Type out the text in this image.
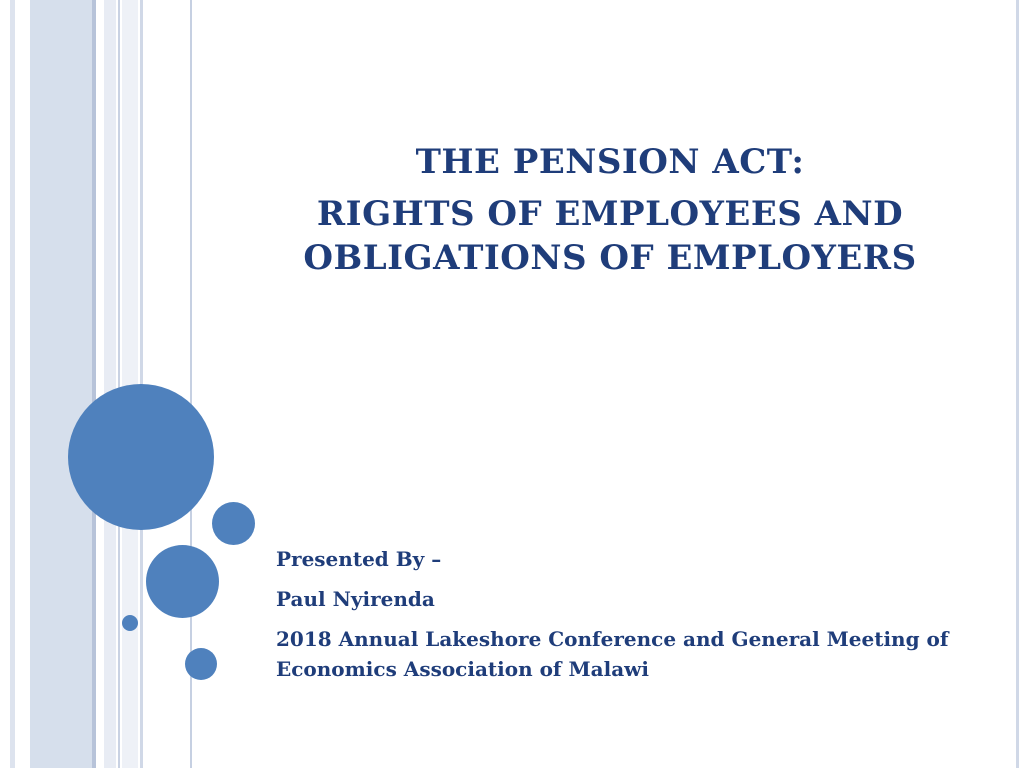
THE PENSION ACT:
RIGHTS OF EMPLOYEES AND OBLIGATIONS OF EMPLOYERS
Presented By –
Paul Nyirenda
2018 Annual Lakeshore Conference and General Meeting of Economics Association of Malawi
